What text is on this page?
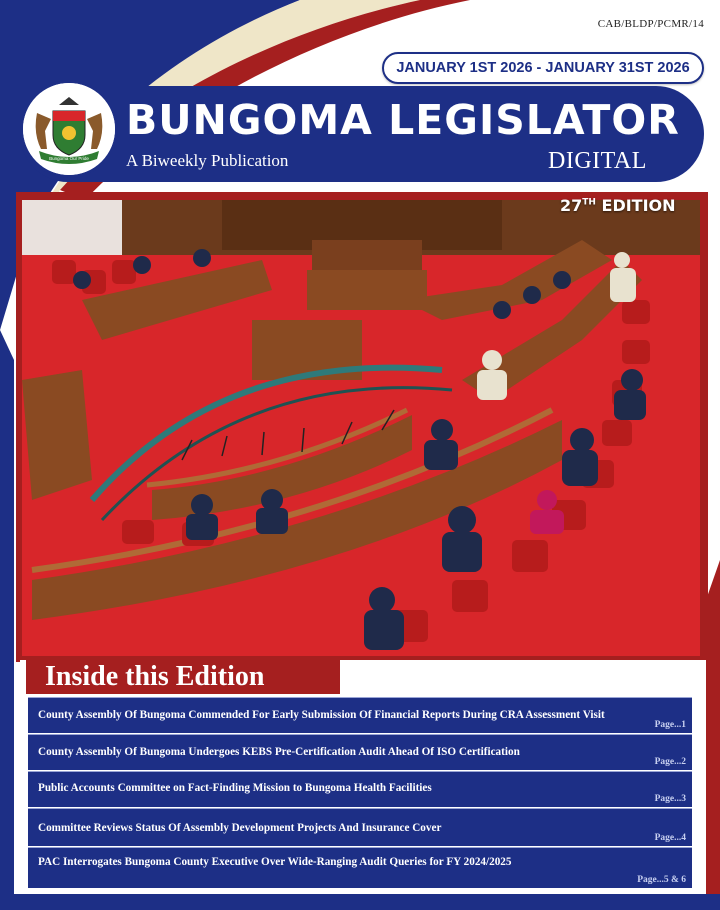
CAB/BLDP/PCMR/14
JANUARY 1ST 2026 - JANUARY 31ST 2026
Bungoma Our Pride
BUNGOMA LEGISLATOR
A Biweekly Publication	DIGITAL
27TH EDITION
Inside this Edition
County Assembly Of Bungoma Commended For Early Submission Of Financial Reports During CRA Assessment Visit
Page...1
County Assembly Of Bungoma Undergoes KEBS Pre-Certification Audit Ahead Of ISO Certification
Page...2
Public Accounts Committee on Fact-Finding Mission to Bungoma Health Facilities
Page...3
Committee Reviews Status Of Assembly Development Projects And Insurance Cover
Page...4
PAC Interrogates Bungoma County Executive Over Wide-Ranging Audit Queries for FY 2024/2025
Page...5 & 6
